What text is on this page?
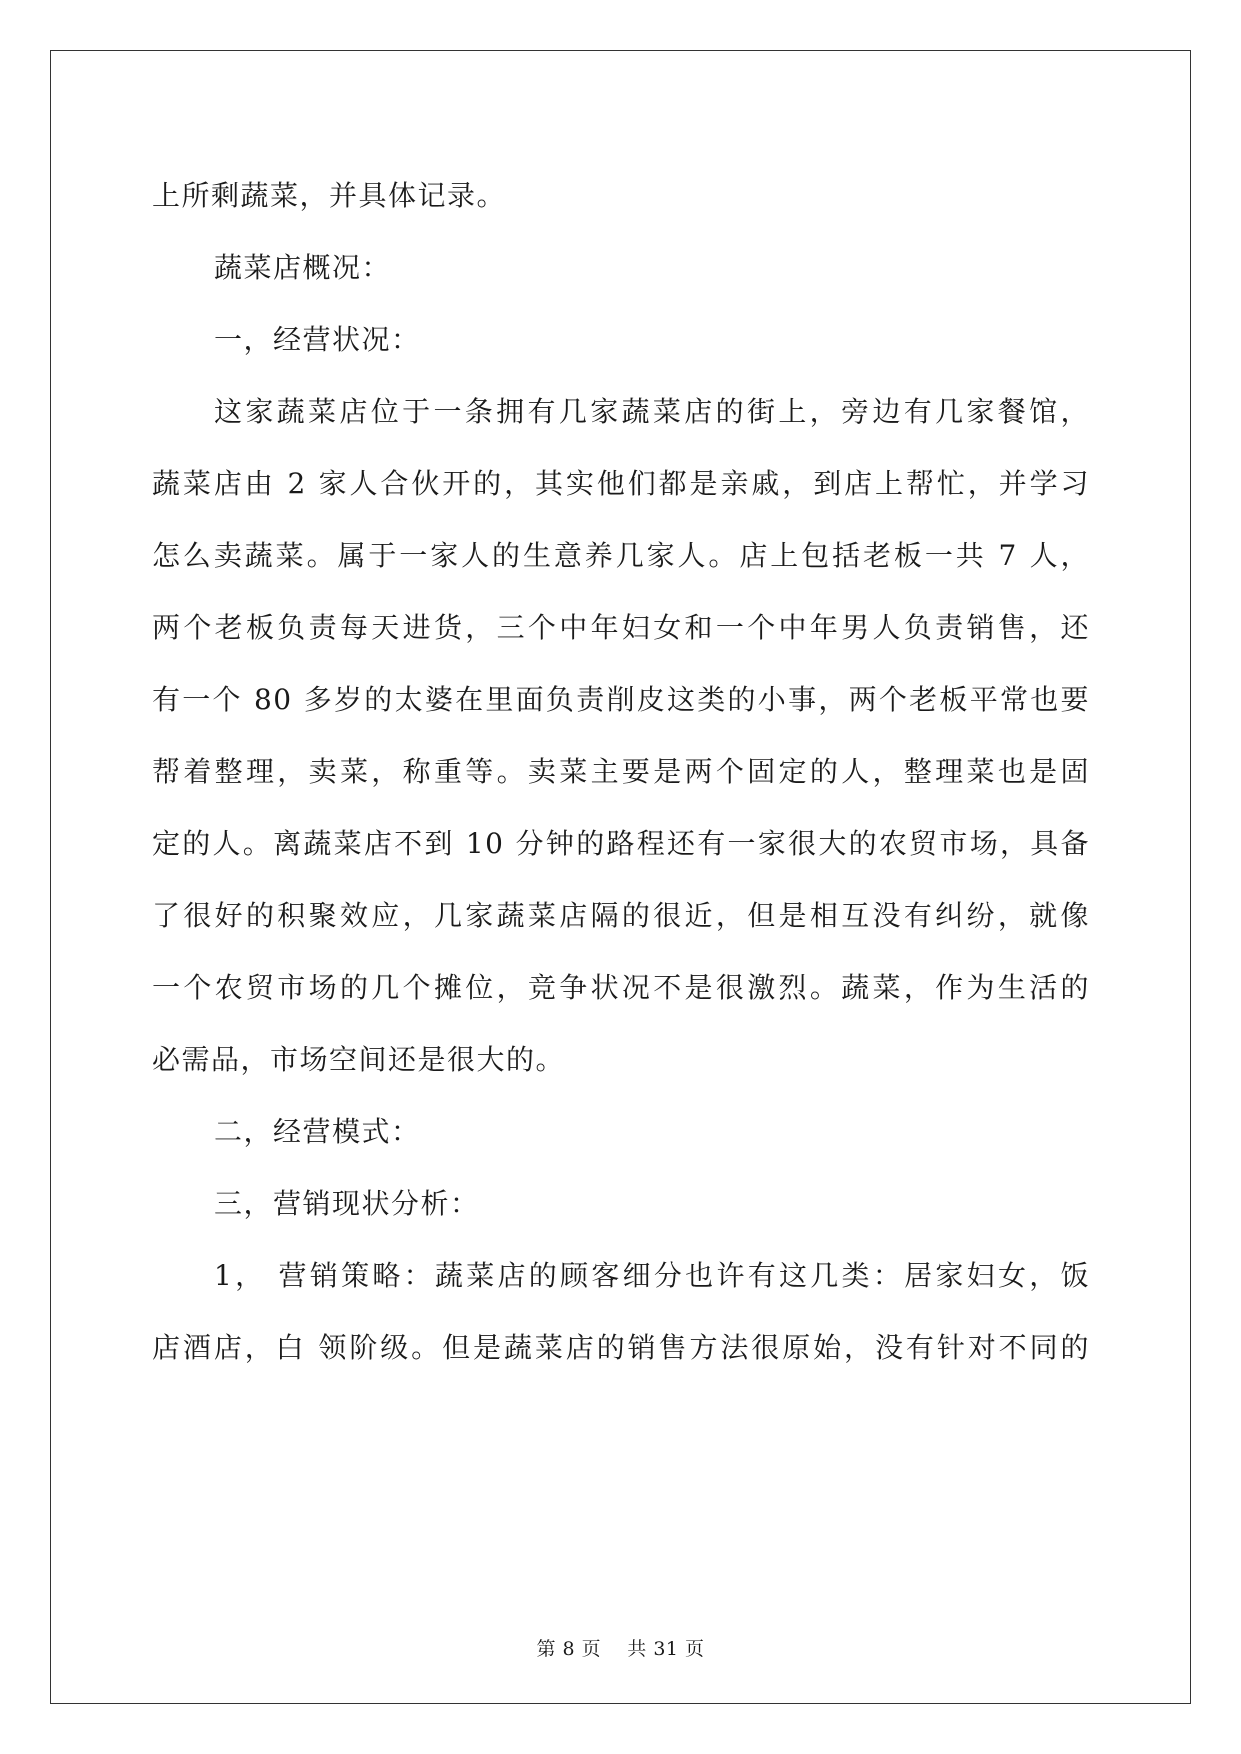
上所剩蔬菜，并具体记录。

蔬菜店概况：

一，经营状况：

这家蔬菜店位于一条拥有几家蔬菜店的街上，旁边有几家餐馆，
蔬菜店由 2 家人合伙开的，其实他们都是亲戚，到店上帮忙，并学习
怎么卖蔬菜。属于一家人的生意养几家人。店上包括老板一共 7 人，
两个老板负责每天进货，三个中年妇女和一个中年男人负责销售，还
有一个 80 多岁的太婆在里面负责削皮这类的小事，两个老板平常也要
帮着整理，卖菜，称重等。卖菜主要是两个固定的人，整理菜也是固
定的人。离蔬菜店不到 10 分钟的路程还有一家很大的农贸市场，具备
了很好的积聚效应，几家蔬菜店隔的很近，但是相互没有纠纷，就像
一个农贸市场的几个摊位，竞争状况不是很激烈。蔬菜，作为生活的
必需品，市场空间还是很大的。

二，经营模式：

三，营销现状分析：

1， 营销策略：蔬菜店的顾客细分也许有这几类：居家妇女，饭
店酒店，白 领阶级。但是蔬菜店的销售方法很原始，没有针对不同的

第 8 页    共 31 页
